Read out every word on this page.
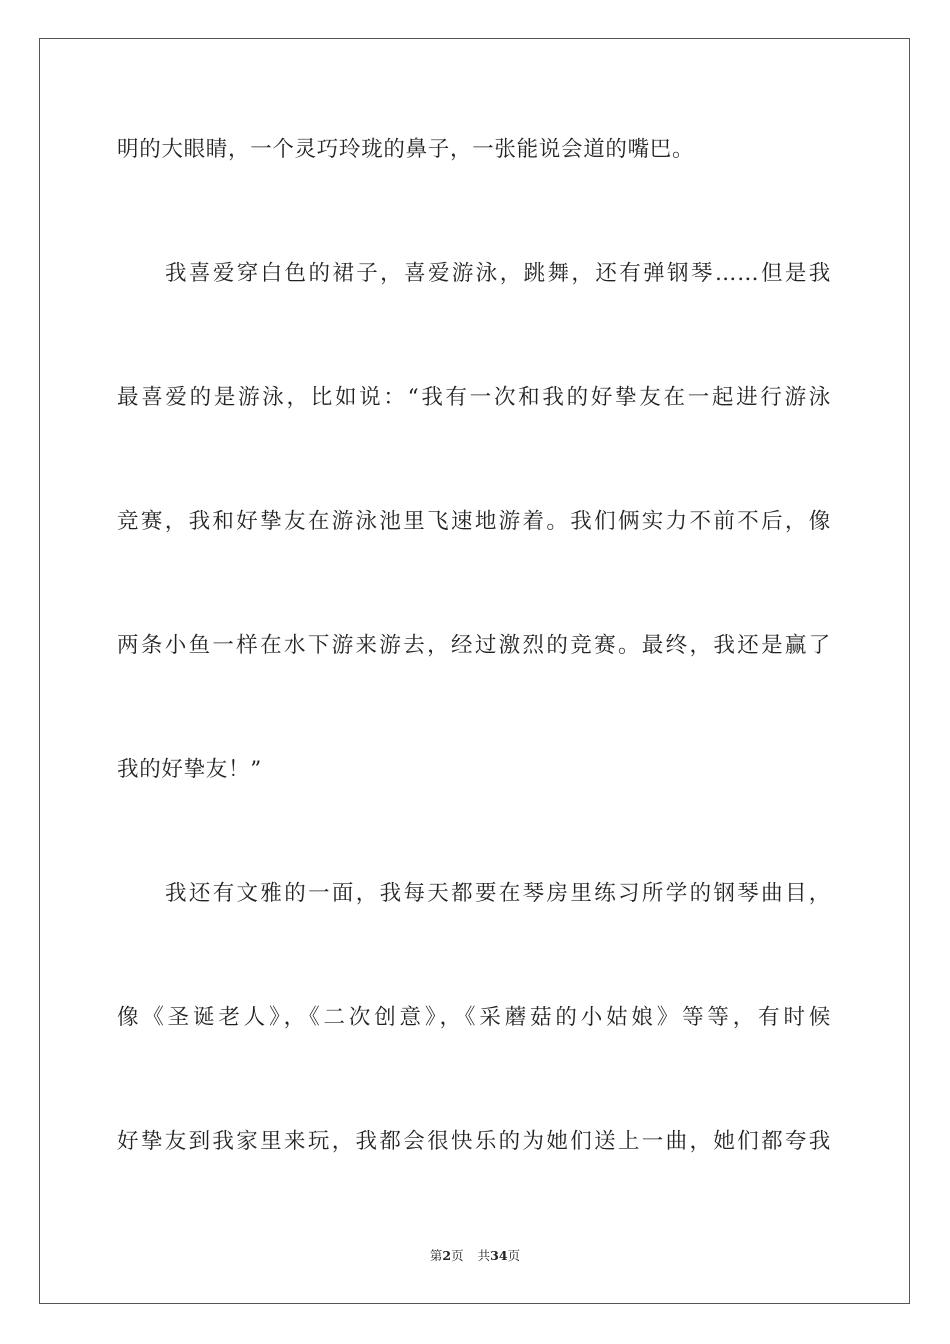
明的大眼睛，一个灵巧玲珑的鼻子，一张能说会道的嘴巴。
我喜爱穿白色的裙子，喜爱游泳，跳舞，还有弹钢琴……但是我
最喜爱的是游泳，比如说：“我有一次和我的好挚友在一起进行游泳
竞赛，我和好挚友在游泳池里飞速地游着。我们俩实力不前不后，像
两条小鱼一样在水下游来游去，经过激烈的竞赛。最终，我还是赢了
我的好挚友！”
我还有文雅的一面，我每天都要在琴房里练习所学的钢琴曲目，
像《圣诞老人》，《二次创意》，《采蘑菇的小姑娘》等等，有时候
好挚友到我家里来玩，我都会很快乐的为她们送上一曲，她们都夸我
第2页 共34页
